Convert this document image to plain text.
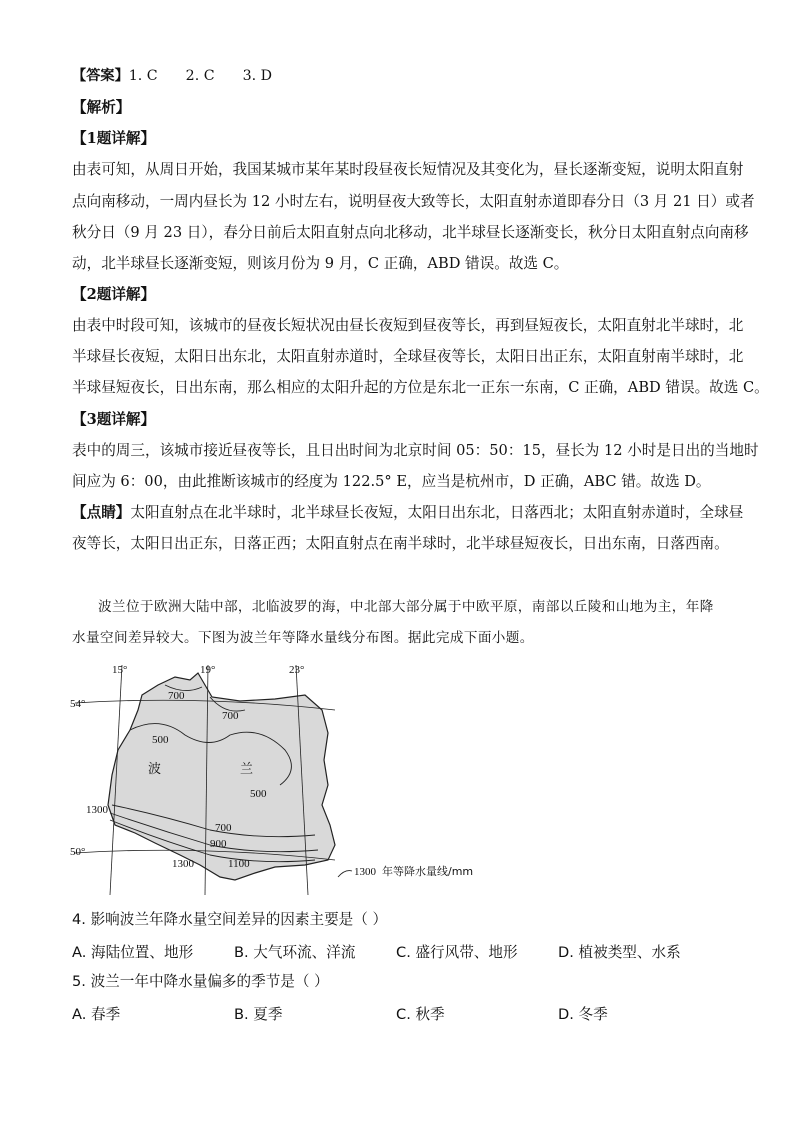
【答案】1. C 2. C 3. D
【解析】
【1题详解】
由表可知，从周日开始，我国某城市某年某时段昼夜长短情况及其变化为，昼长逐渐变短，说明太阳直射
点向南移动，一周内昼长为 12 小时左右，说明昼夜大致等长，太阳直射赤道即春分日（3 月 21 日）或者
秋分日（9 月 23 日），春分日前后太阳直射点向北移动，北半球昼长逐渐变长，秋分日太阳直射点向南移
动，北半球昼长逐渐变短，则该月份为 9 月，C 正确，ABD 错误。故选 C。
【2题详解】
由表中时段可知，该城市的昼夜长短状况由昼长夜短到昼夜等长，再到昼短夜长，太阳直射北半球时，北
半球昼长夜短，太阳日出东北，太阳直射赤道时，全球昼夜等长，太阳日出正东，太阳直射南半球时，北
半球昼短夜长，日出东南，那么相应的太阳升起的方位是东北一正东一东南，C 正确，ABD 错误。故选 C。
【3题详解】
表中的周三，该城市接近昼夜等长，且日出时间为北京时间 05：50：15，昼长为 12 小时是日出的当地时
间应为 6：00，由此推断该城市的经度为 122.5° E，应当是杭州市，D 正确，ABC 错。故选 D。
【点睛】太阳直射点在北半球时，北半球昼长夜短，太阳日出东北，日落西北；太阳直射赤道时，全球昼
夜等长，太阳日出正东，日落正西；太阳直射点在南半球时，北半球昼短夜长，日出东南，日落西南。
波兰位于欧洲大陆中部，北临波罗的海，中北部大部分属于中欧平原，南部以丘陵和山地为主，年降
水量空间差异较大。下图为波兰年等降水量线分布图。据此完成下面小题。
15°	19°	23°
54°
50°
波	兰
700
700
500
500
1300
700
900
1300	1100
1300 年等降水量线/mm
4. 影响波兰年降水量空间差异的因素主要是（ ）
A. 海陆位置、地形	B. 大气环流、洋流	C. 盛行风带、地形	D. 植被类型、水系
5. 波兰一年中降水量偏多的季节是（ ）
A. 春季	B. 夏季	C. 秋季	D. 冬季
